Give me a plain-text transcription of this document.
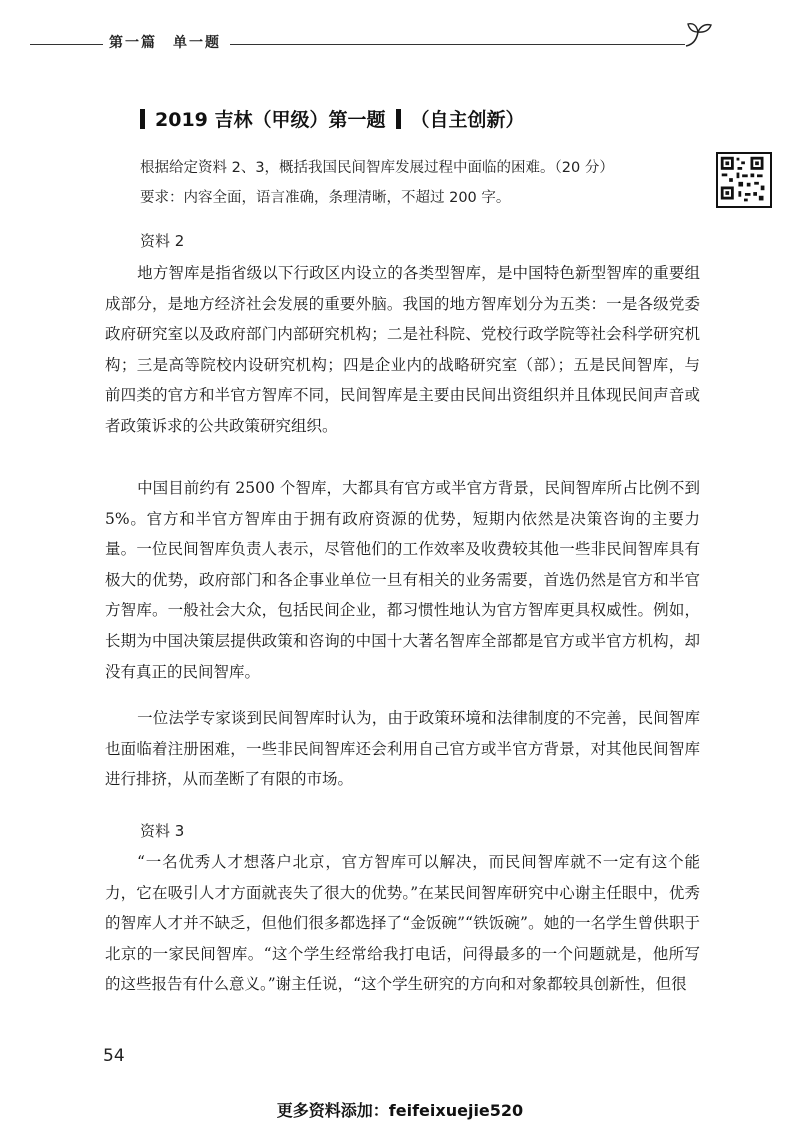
第一篇　单一题
2019 吉林（甲级）第一题 （自主创新）
根据给定资料 2、3，概括我国民间智库发展过程中面临的困难。（20 分）
要求：内容全面，语言准确，条理清晰，不超过 200 字。
资料 2
地方智库是指省级以下行政区内设立的各类型智库，是中国特色新型智库的重要组成部分，是地方经济社会发展的重要外脑。我国的地方智库划分为五类：一是各级党委政府研究室以及政府部门内部研究机构；二是社科院、党校行政学院等社会科学研究机构；三是高等院校内设研究机构；四是企业内的战略研究室（部）；五是民间智库，与前四类的官方和半官方智库不同，民间智库是主要由民间出资组织并且体现民间声音或者政策诉求的公共政策研究组织。
中国目前约有 2500 个智库，大都具有官方或半官方背景，民间智库所占比例不到 5%。官方和半官方智库由于拥有政府资源的优势，短期内依然是决策咨询的主要力量。一位民间智库负责人表示，尽管他们的工作效率及收费较其他一些非民间智库具有极大的优势，政府部门和各企事业单位一旦有相关的业务需要，首选仍然是官方和半官方智库。一般社会大众，包括民间企业，都习惯性地认为官方智库更具权威性。例如，长期为中国决策层提供政策和咨询的中国十大著名智库全部都是官方或半官方机构，却没有真正的民间智库。
一位法学专家谈到民间智库时认为，由于政策环境和法律制度的不完善，民间智库也面临着注册困难，一些非民间智库还会利用自己官方或半官方背景，对其他民间智库进行排挤，从而垄断了有限的市场。
资料 3
“一名优秀人才想落户北京，官方智库可以解决，而民间智库就不一定有这个能力，它在吸引人才方面就丧失了很大的优势。”在某民间智库研究中心谢主任眼中，优秀的智库人才并不缺乏，但他们很多都选择了“金饭碗”“铁饭碗”。她的一名学生曾供职于北京的一家民间智库。“这个学生经常给我打电话，问得最多的一个问题就是，他所写的这些报告有什么意义。”谢主任说，“这个学生研究的方向和对象都较具创新性，但很
54
更多资料添加：feifeixuejie520
